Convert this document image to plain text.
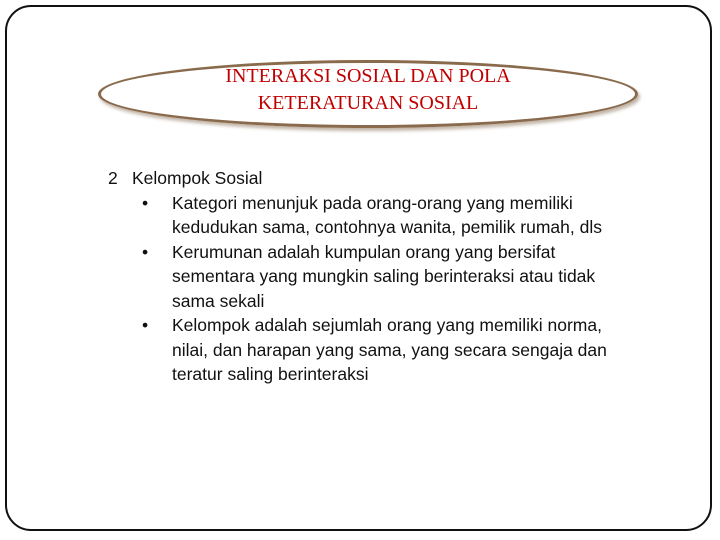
INTERAKSI SOSIAL DAN POLA
KETERATURAN SOSIAL

2 Kelompok Sosial

• Kategori menunjuk pada orang-orang yang memiliki kedudukan sama, contohnya wanita, pemilik rumah, dls
• Kerumunan adalah kumpulan orang yang bersifat sementara yang mungkin saling berinteraksi atau tidak sama sekali
• Kelompok adalah sejumlah orang yang memiliki norma, nilai, dan harapan yang sama, yang secara sengaja dan teratur saling berinteraksi
